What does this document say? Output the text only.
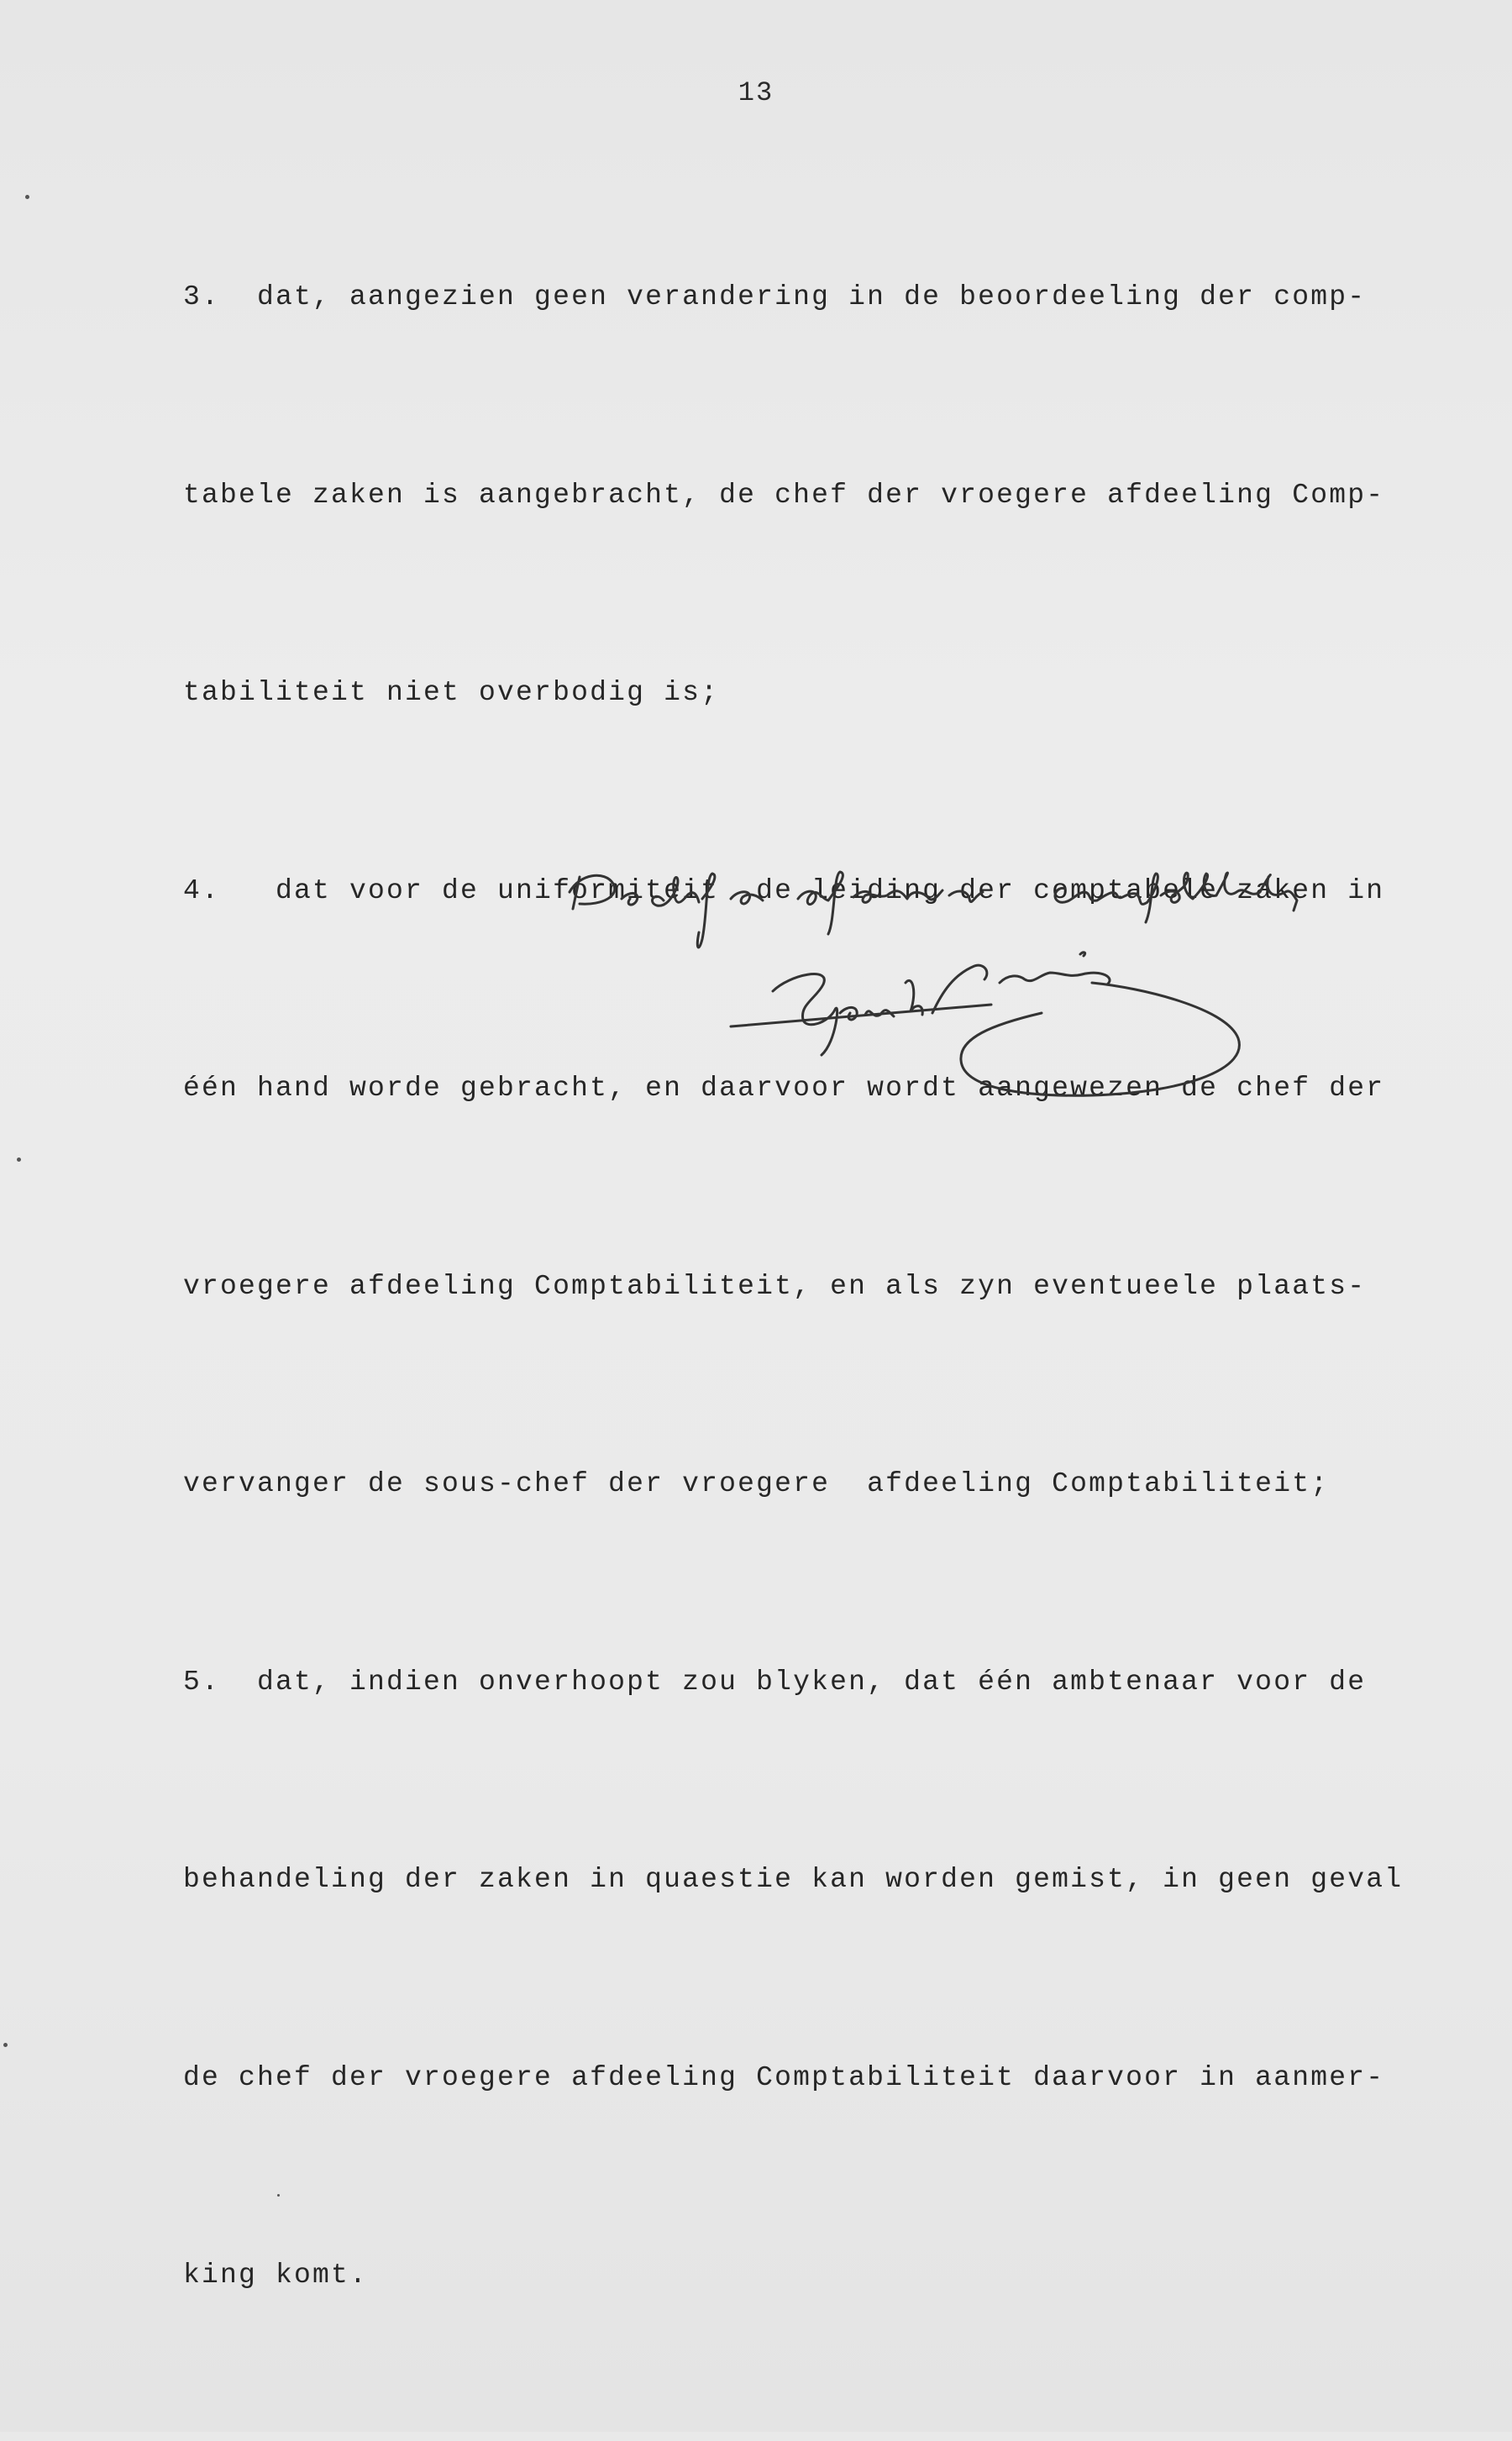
13

3.  dat, aangezien geen verandering in de beoordeeling der comp-

tabele zaken is aangebracht, de chef der vroegere afdeeling Comp-

tabiliteit niet overbodig is;

4.   dat voor de uniformiteit  de leiding der comptabele zaken in

één hand worde gebracht, en daarvoor wordt aangewezen de chef der

vroegere afdeeling Comptabiliteit, en als zyn eventueele plaats-

vervanger de sous-chef der vroegere  afdeeling Comptabiliteit;

5.  dat, indien onverhoopt zou blyken, dat één ambtenaar voor de

behandeling der zaken in quaestie kan worden gemist, in geen geval

de chef der vroegere afdeeling Comptabiliteit daarvoor in aanmer-

king komt.
